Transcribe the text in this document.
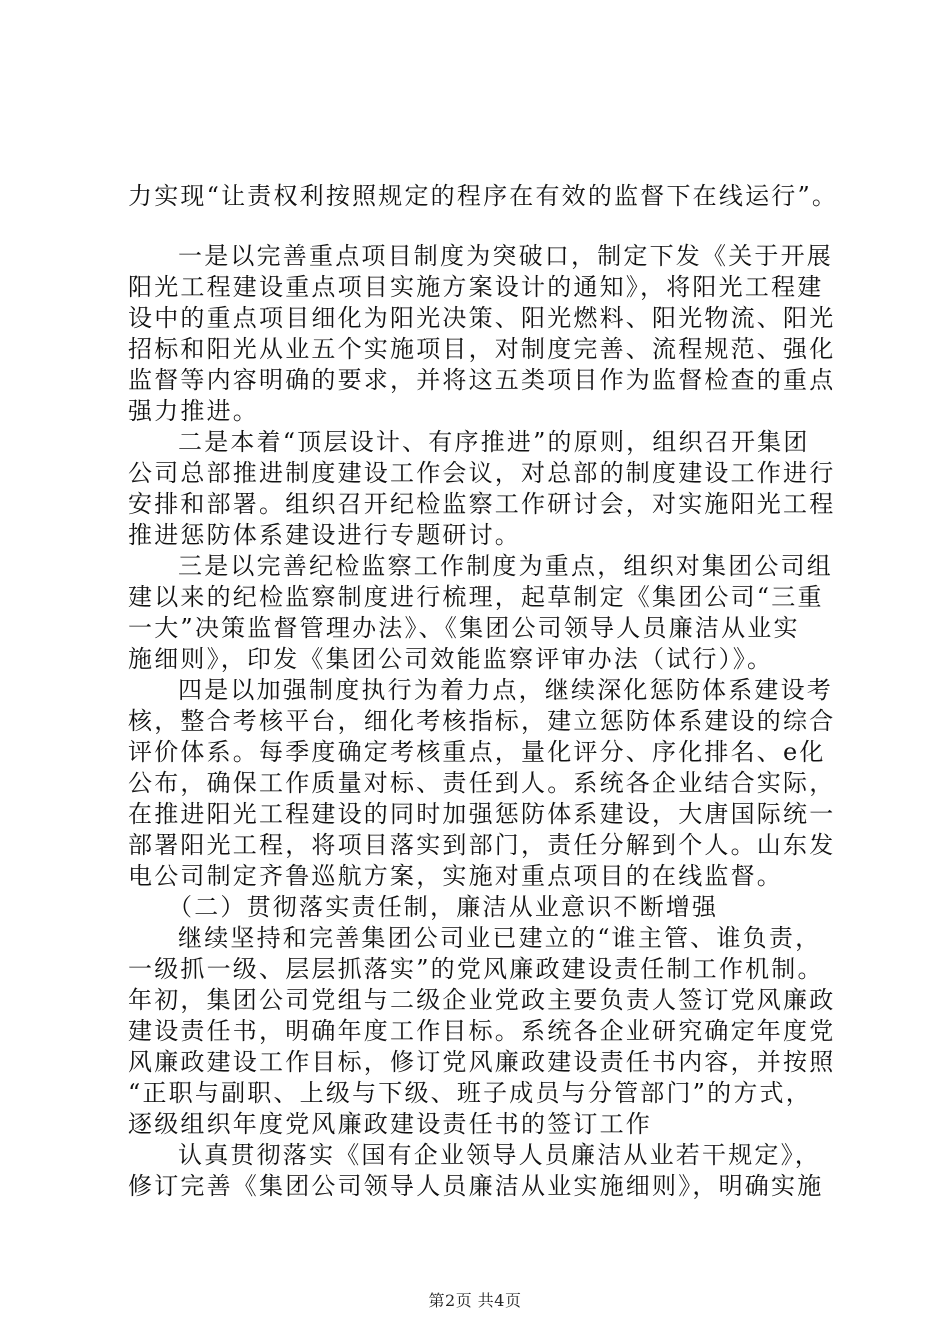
力实现“让责权利按照规定的程序在有效的监督下在线运行”。
一是以完善重点项目制度为突破口，制定下发《关于开展
阳光工程建设重点项目实施方案设计的通知》，将阳光工程建
设中的重点项目细化为阳光决策、阳光燃料、阳光物流、阳光
招标和阳光从业五个实施项目，对制度完善、流程规范、强化
监督等内容明确的要求，并将这五类项目作为监督检查的重点
强力推进。
二是本着“顶层设计、有序推进”的原则，组织召开集团
公司总部推进制度建设工作会议，对总部的制度建设工作进行
安排和部署。组织召开纪检监察工作研讨会，对实施阳光工程
推进惩防体系建设进行专题研讨。
三是以完善纪检监察工作制度为重点，组织对集团公司组
建以来的纪检监察制度进行梳理，起草制定《集团公司“三重
一大”决策监督管理办法》、《集团公司领导人员廉洁从业实
施细则》，印发《集团公司效能监察评审办法（试行）》。
四是以加强制度执行为着力点，继续深化惩防体系建设考
核，整合考核平台，细化考核指标，建立惩防体系建设的综合
评价体系。每季度确定考核重点，量化评分、序化排名、e化
公布，确保工作质量对标、责任到人。系统各企业结合实际，
在推进阳光工程建设的同时加强惩防体系建设，大唐国际统一
部署阳光工程，将项目落实到部门，责任分解到个人。山东发
电公司制定齐鲁巡航方案，实施对重点项目的在线监督。
（二）贯彻落实责任制，廉洁从业意识不断增强
继续坚持和完善集团公司业已建立的“谁主管、谁负责，
一级抓一级、层层抓落实”的党风廉政建设责任制工作机制。
年初，集团公司党组与二级企业党政主要负责人签订党风廉政
建设责任书，明确年度工作目标。系统各企业研究确定年度党
风廉政建设工作目标，修订党风廉政建设责任书内容，并按照
“正职与副职、上级与下级、班子成员与分管部门”的方式，
逐级组织年度党风廉政建设责任书的签订工作
认真贯彻落实《国有企业领导人员廉洁从业若干规定》，
修订完善《集团公司领导人员廉洁从业实施细则》，明确实施
第2页 共4页
